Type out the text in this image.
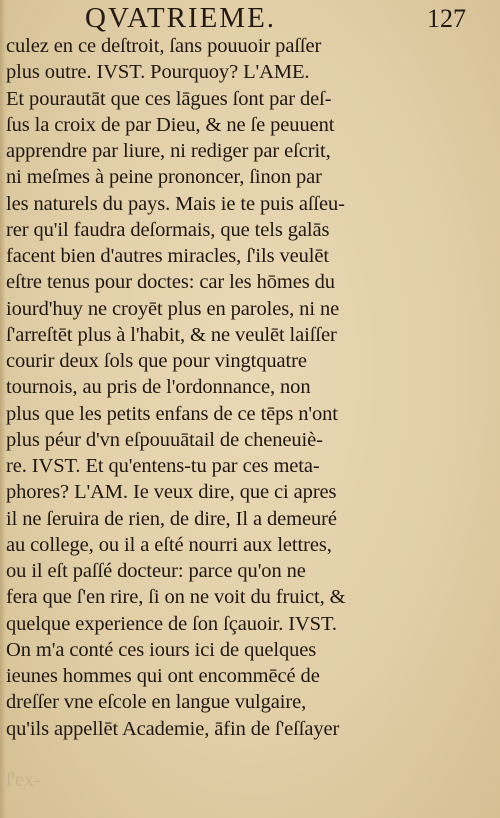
QVATRIEME.	127
culez en ce deſtroit, ſans pouuoir paſſer
plus outre. IVST. Pourquoy? L'AME.
Et pourautāt que ces lāgues ſont par deſ-
ſus la croix de par Dieu, & ne ſe peuuent
apprendre par liure, ni rediger par eſcrit,
ni meſmes à peine prononcer, ſinon par
les naturels du pays. Mais ie te puis aſſeu-
rer qu'il faudra deſormais, que tels galās
facent bien d'autres miracles, ſ'ils veulēt
eſtre tenus pour doctes: car les hōmes du
iourd'huy ne croyēt plus en paroles, ni ne
ſ'arreſtēt plus à l'habit, & ne veulēt laiſſer
courir deux ſols que pour vingtquatre
tournois, au pris de l'ordonnance, non
plus que les petits enfans de ce tēps n'ont
plus péur d'vn eſpouuātail de cheneuiè-
re. IVST. Et qu'entens-tu par ces meta-
phores? L'AM. Ie veux dire, que ci apres
il ne ſeruira de rien, de dire, Il a demeuré
au college, ou il a eſté nourri aux lettres,
ou il eſt paſſé docteur: parce qu'on ne
fera que ſ'en rire, ſi on ne voit du fruict, &
quelque experience de ſon ſçauoir. IVST.
On m'a conté ces iours ici de quelques
ieunes hommes qui ont encommēcé de
dreſſer vne eſcole en langue vulgaire,
qu'ils appellēt Academie, āfin de ſ'eſſayer
ſ'ex-
